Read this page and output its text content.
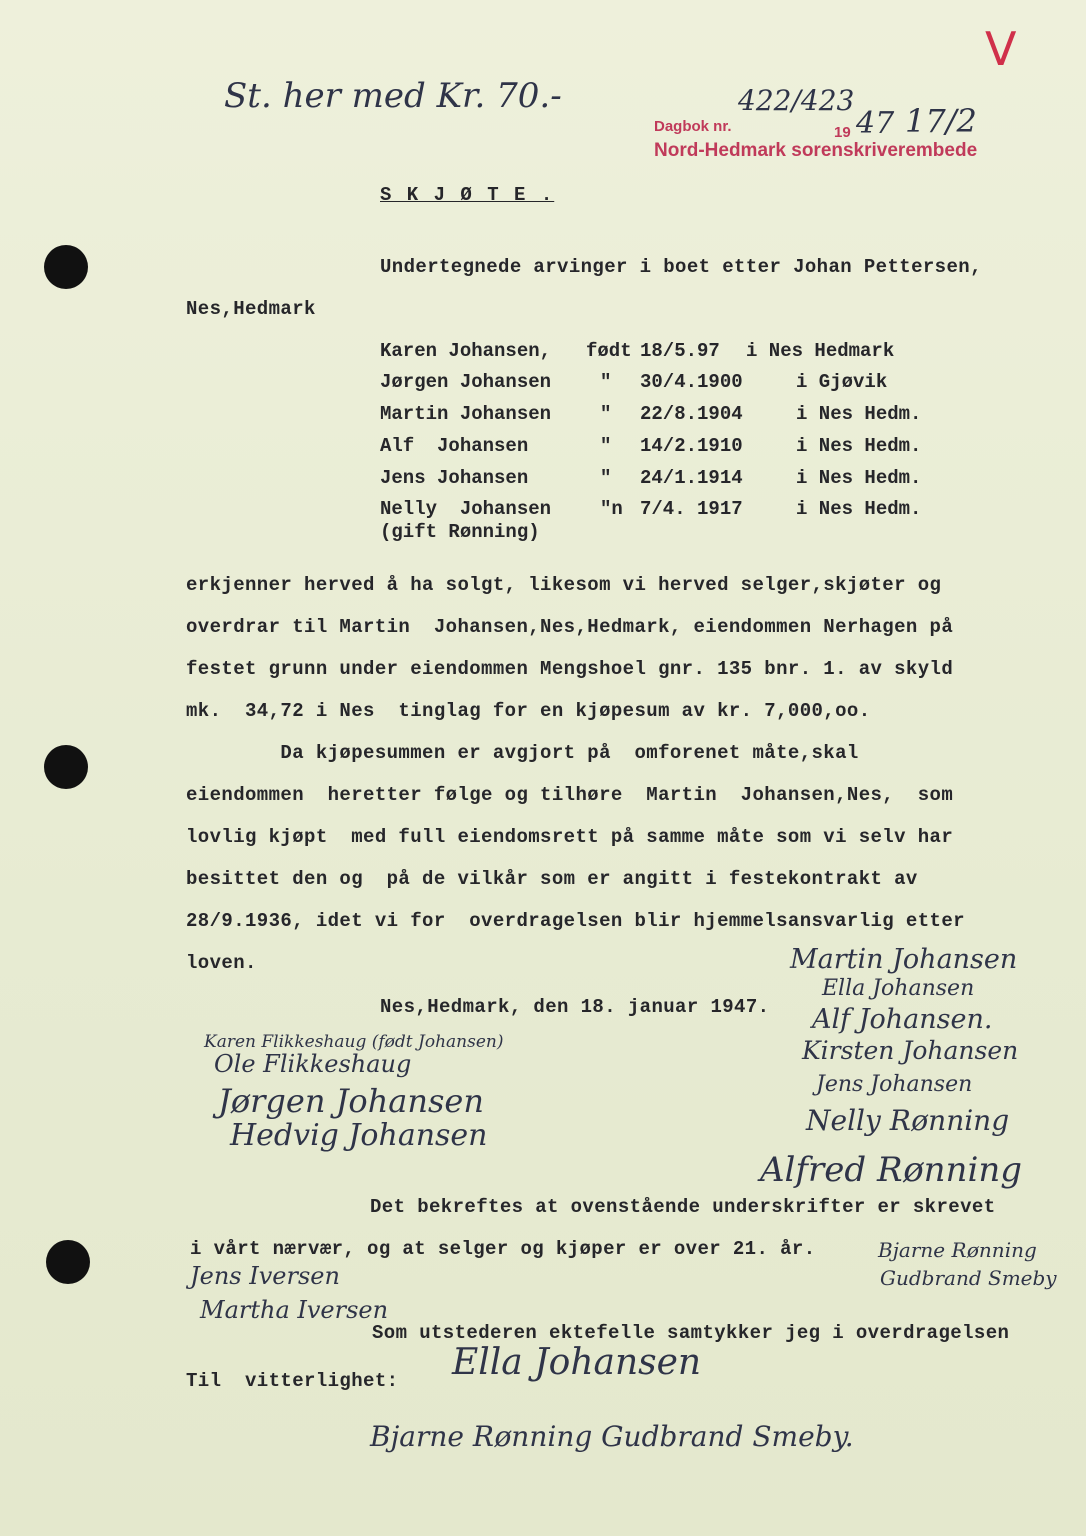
St. her med Kr. 70.-
Dagbok nr.
422/423
19 47 17/2
Nord-Hedmark sorenskriverembede
V
S K J Ø T E .
Undertegnede arvinger i boet etter Johan Pettersen,
Nes,Hedmark
Karen Johansen, født 18/5.97 i Nes Hedmark
Jørgen Johansen	" 30/4.1900	i Gjøvik
Martin Johansen	" 22/8.1904	i Nes Hedm.
Alf  Johansen	" 14/2.1910	i Nes Hedm.
Jens Johansen	" 24/1.1914	i Nes Hedm.
Nelly  Johansen	"n 7/4. 1917	i Nes Hedm.
(gift Rønning)
erkjenner herved å ha solgt, likesom vi herved selger,skjøter og
overdrar til Martin  Johansen,Nes,Hedmark, eiendommen Nerhagen på
festet grunn under eiendommen Mengshoel gnr. 135 bnr. 1. av skyld
mk.  34,72 i Nes  tinglag for en kjøpesum av kr. 7,000,oo.
Da kjøpesummen er avgjort på  omforenet måte,skal
eiendommen  heretter følge og tilhøre  Martin  Johansen,Nes,  som
lovlig kjøpt  med full eiendomsrett på samme måte som vi selv har
besittet den og  på de vilkår som er angitt i festekontrakt av
28/9.1936, idet vi for  overdragelsen blir hjemmelsansvarlig etter
loven.	Martin Johansen
Ella Johansen
Nes,Hedmark, den 18. januar 1947. Alf Johansen.
Kirsten Johansen
Jens Johansen
Nelly Rønning
Alfred Rønning
Karen Flikkeshaug (født Johansen)
Ole Flikkeshaug
Jørgen Johansen
Hedvig Johansen
Det bekreftes at ovenstående underskrifter er skrevet
i vårt nærvær, og at selger og kjøper er over 21. år.	Bjarne Rønning
Gudbrand Smeby
Jens Iversen
Martha Iversen
Som utstederen ektefelle samtykker jeg i overdragelsen
Ella Johansen
Til  vitterlighet:
Bjarne Rønning Gudbrand Smeby.
